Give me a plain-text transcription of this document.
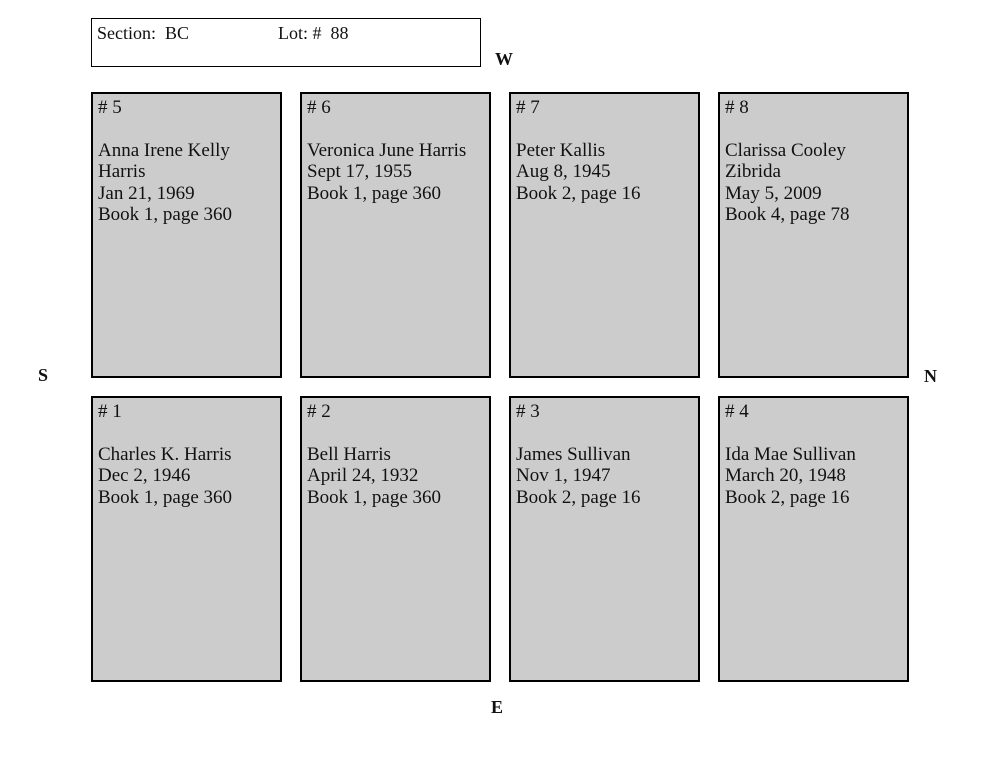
Section:  BC	Lot: #  88
W
S	N
E
# 5
Anna Irene Kelly
Harris
Jan 21, 1969
Book 1, page 360
# 6
Veronica June Harris
Sept 17, 1955
Book 1, page 360
# 7
Peter Kallis
Aug 8, 1945
Book 2, page 16
# 8
Clarissa Cooley
Zibrida
May 5, 2009
Book 4, page 78
# 1
Charles K. Harris
Dec 2, 1946
Book 1, page 360
# 2
Bell Harris
April 24, 1932
Book 1, page 360
# 3
James Sullivan
Nov 1, 1947
Book 2, page 16
# 4
Ida Mae Sullivan
March 20, 1948
Book 2, page 16
